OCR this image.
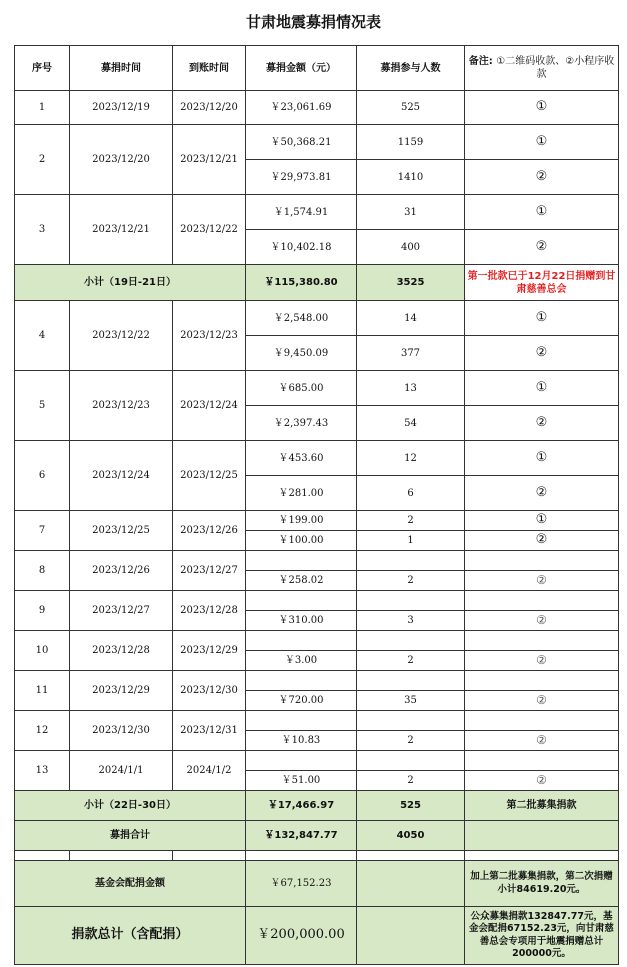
甘肃地震募捐情况表
序号	募捐时间	到账时间	募捐金额（元）	募捐参与人数	备注: ①二维码收款、②小程序收款
1	2023/12/19	2023/12/20	￥23,061.69	525	①
2	2023/12/20	2023/12/21	￥50,368.21	1159	①
			￥29,973.81	1410	②
3	2023/12/21	2023/12/22	￥1,574.91	31	①
			￥10,402.18	400	②
小计（19日-21日）			￥115,380.80	3525	第一批款已于12月22日捐赠到甘肃慈善总会
4	2023/12/22	2023/12/23	￥2,548.00	14	①
			￥9,450.09	377	②
5	2023/12/23	2023/12/24	￥685.00	13	①
			￥2,397.43	54	②
6	2023/12/24	2023/12/25	￥453.60	12	①
			￥281.00	6	②
7	2023/12/25	2023/12/26	￥199.00	2	①
			￥100.00	1	②
8	2023/12/26	2023/12/27			
			￥258.02	2	②
9	2023/12/27	2023/12/28			
			￥310.00	3	②
10	2023/12/28	2023/12/29			
			￥3.00	2	②
11	2023/12/29	2023/12/30			
			￥720.00	35	②
12	2023/12/30	2023/12/31			
			￥10.83	2	②
13	2024/1/1	2024/1/2			
			￥51.00	2	②
小计（22日-30日）			￥17,466.97	525	第二批募集捐款
募捐合计			￥132,847.77	4050	

基金会配捐金额			￥67,152.23		加上第二批募集捐款，第二次捐赠小计84619.20元。
捐款总计（含配捐）			￥200,000.00		公众募集捐款132847.77元，基金会配捐67152.23元，向甘肃慈善总会专项用于地震捐赠总计200000元。
